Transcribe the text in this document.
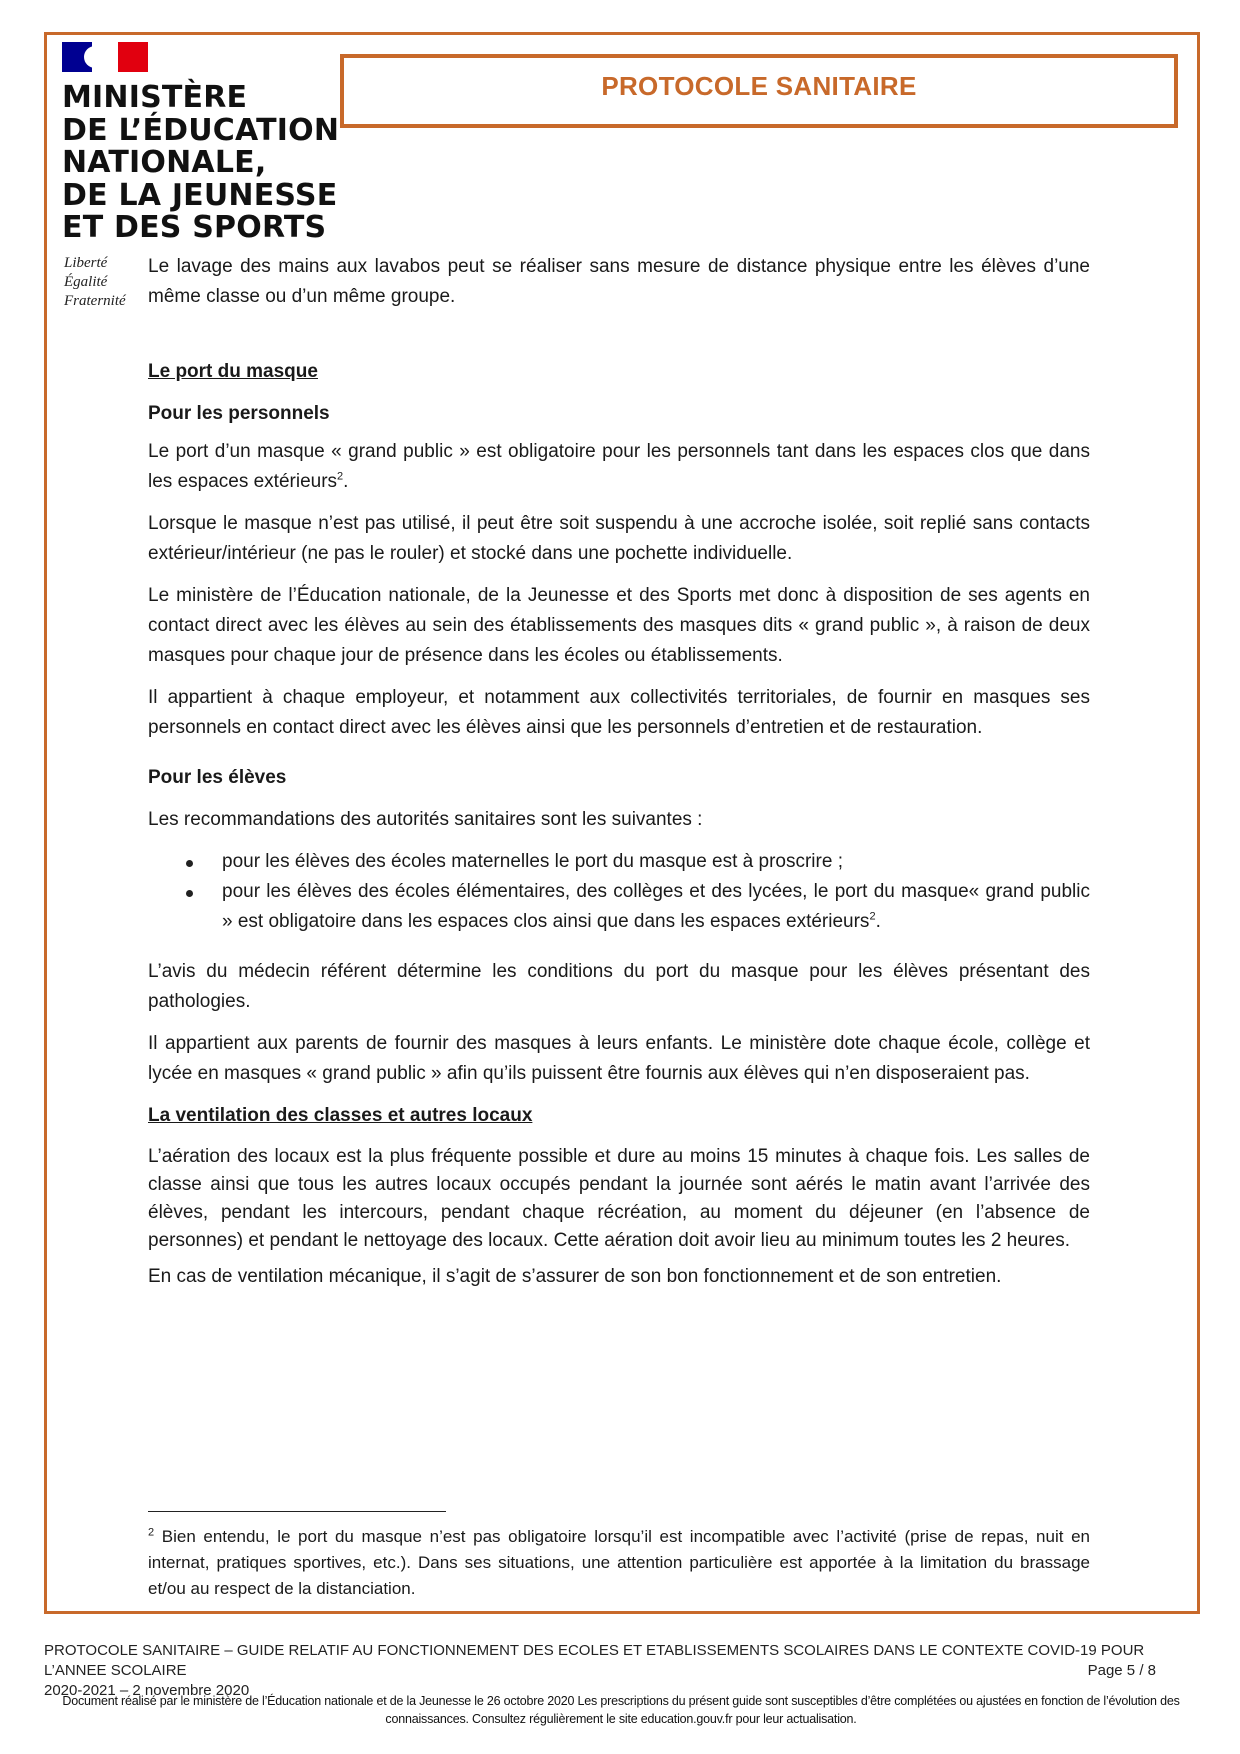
MINISTÈRE
DE L’ÉDUCATION
NATIONALE,
DE LA JEUNESSE
ET DES SPORTS
Liberté
Égalité
Fraternité
PROTOCOLE SANITAIRE

Le lavage des mains aux lavabos peut se réaliser sans mesure de distance physique entre les élèves d’une même classe ou d’un même groupe.

Le port du masque

Pour les personnels

Le port d’un masque « grand public » est obligatoire pour les personnels tant dans les espaces clos que dans les espaces extérieurs$^2$.

Lorsque le masque n’est pas utilisé, il peut être soit suspendu à une accroche isolée, soit replié sans contacts extérieur/intérieur (ne pas le rouler) et stocké dans une pochette individuelle.

Le ministère de l’Éducation nationale, de la Jeunesse et des Sports met donc à disposition de ses agents en contact direct avec les élèves au sein des établissements des masques dits « grand public », à raison de deux masques pour chaque jour de présence dans les écoles ou établissements.

Il appartient à chaque employeur, et notamment aux collectivités territoriales, de fournir en masques ses personnels en contact direct avec les élèves ainsi que les personnels d’entretien et de restauration.

Pour les élèves

Les recommandations des autorités sanitaires sont les suivantes :

pour les élèves des écoles maternelles le port du masque est à proscrire ;
pour les élèves des écoles élémentaires, des collèges et des lycées, le port du masque« grand public » est obligatoire dans les espaces clos ainsi que dans les espaces extérieurs$^2$.

L’avis du médecin référent détermine les conditions du port du masque pour les élèves présentant des pathologies.

Il appartient aux parents de fournir des masques à leurs enfants. Le ministère dote chaque école, collège et lycée en masques « grand public » afin qu’ils puissent être fournis aux élèves qui n’en disposeraient pas.

La ventilation des classes et autres locaux

L’aération des locaux est la plus fréquente possible et dure au moins 15 minutes à chaque fois. Les salles de classe ainsi que tous les autres locaux occupés pendant la journée sont aérés le matin avant l’arrivée des élèves, pendant les intercours, pendant chaque récréation, au moment du déjeuner (en l’absence de personnes) et pendant le nettoyage des locaux. Cette aération doit avoir lieu au minimum toutes les 2 heures.

En cas de ventilation mécanique, il s’agit de s’assurer de son bon fonctionnement et de son entretien.

$^2$ Bien entendu, le port du masque n’est pas obligatoire lorsqu’il est incompatible avec l’activité (prise de repas, nuit en internat, pratiques sportives, etc.). Dans ses situations, une attention particulière est apportée à la limitation du brassage et/ou au respect de la distanciation.
PROTOCOLE SANITAIRE – GUIDE RELATIF AU FONCTIONNEMENT DES ECOLES ET ETABLISSEMENTS SCOLAIRES DANS LE CONTEXTE COVID-19 POUR L’ANNEE SCOLAIRE
2020-2021 – 2 novembre 2020
Page 5 / 8
Document réalisé par le ministère de l’Éducation nationale et de la Jeunesse le 26 octobre 2020 Les prescriptions du présent guide sont susceptibles d’être complétées ou ajustées en fonction de l’évolution des connaissances. Consultez régulièrement le site education.gouv.fr pour leur actualisation.
